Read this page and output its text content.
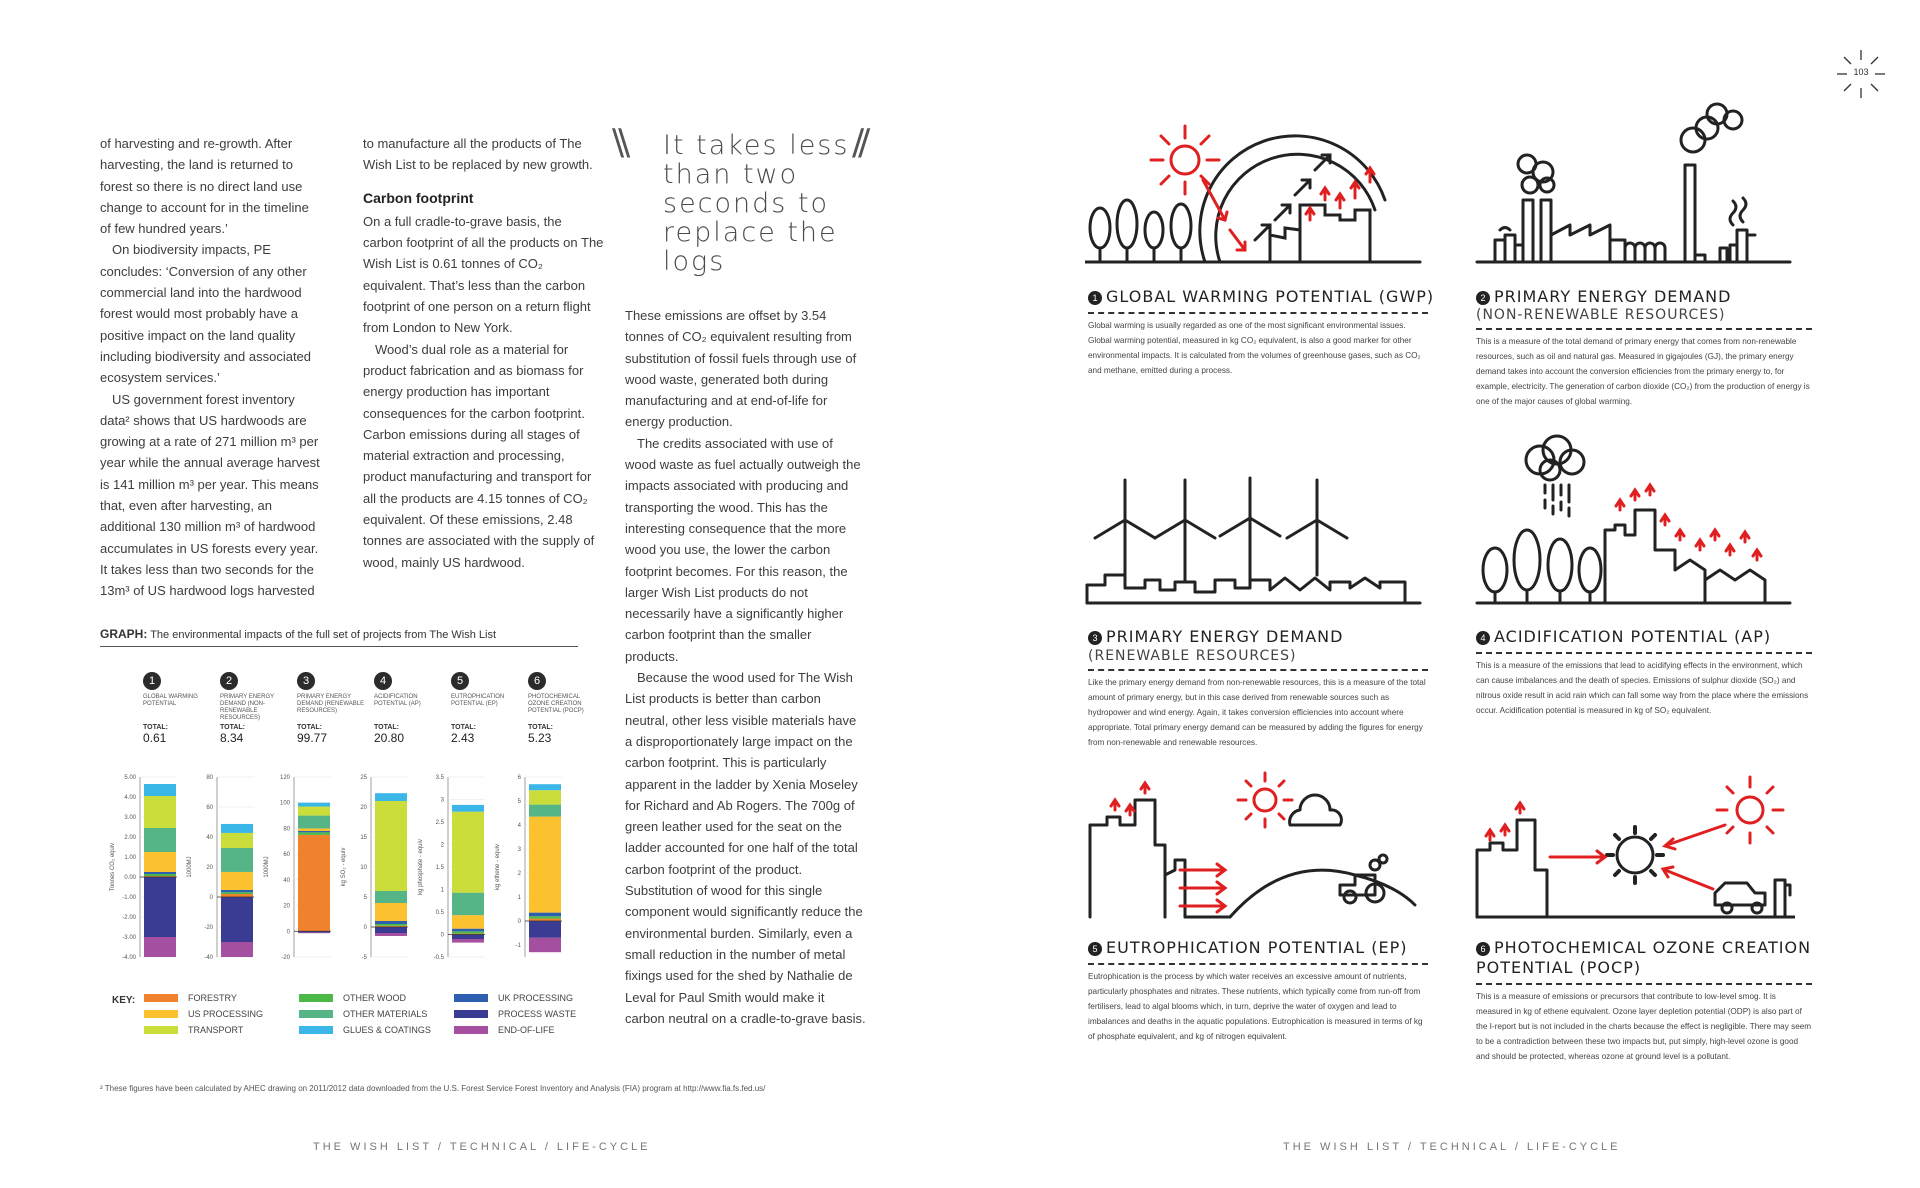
of harvesting and re-growth. After harvesting, the land is returned to forest so there is no direct land use change to account for in the timeline of few hundred years.’

On biodiversity impacts, PE concludes: ‘Conversion of any other commercial land into the hardwood forest would most probably have a positive impact on the land quality including biodiversity and associated ecosystem services.’

US government forest inventory data² shows that US hardwoods are growing at a rate of 271 million m³ per year while the annual average harvest is 141 million m³ per year. This means that, even after harvesting, an additional 130 million m³ of hardwood accumulates in US forests every year. It takes less than two seconds for the 13m³ of US hardwood logs harvested

to manufacture all the products of The Wish List to be replaced by new growth.

Carbon footprint

On a full cradle-to-grave basis, the carbon footprint of all the products on The Wish List is 0.61 tonnes of CO₂ equivalent. That’s less than the carbon footprint of one person on a return flight from London to New York.

Wood’s dual role as a material for product fabrication and as biomass for energy production has important consequences for the carbon footprint. Carbon emissions during all stages of material extraction and processing, product manufacturing and transport for all the products are 4.15 tonnes of CO₂ equivalent. Of these emissions, 2.48 tonnes are associated with the supply of wood, mainly US hardwood.

\\	//
It takes less than two seconds to replace the logs

These emissions are offset by 3.54 tonnes of CO₂ equivalent resulting from substitution of fossil fuels through use of wood waste, generated both during manufacturing and at end-of-life for energy production.

The credits associated with use of wood waste as fuel actually outweigh the impacts associated with producing and transporting the wood. This has the interesting consequence that the more wood you use, the lower the carbon footprint becomes. For this reason, the larger Wish List products do not necessarily have a significantly higher carbon footprint than the smaller products.

Because the wood used for The Wish List products is better than carbon neutral, other less visible materials have a disproportionately large impact on the carbon footprint. This is particularly apparent in the ladder by Xenia Moseley for Richard and Ab Rogers. The 700g of green leather used for the seat on the ladder accounted for one half of the total carbon footprint of the product. Substitution of wood for this single component would significantly reduce the environmental burden. Similarly, even a small reduction in the number of metal fixings used for the shed by Nathalie de Leval for Paul Smith would make it carbon neutral on a cradle-to-grave basis.

GRAPH: The environmental impacts of the full set of projects from The Wish List
1
GLOBAL WARMING POTENTIAL
TOTAL:
0.61
5.00
4.00
3.00
2.00
1.00
0.00
-1.00
-2.00
-3.00
-4.00
Tonnes CO₂ equiv
2
PRIMARY ENERGY DEMAND (NON-RENEWABLE RESOURCES)
TOTAL:
8.34
80
60
40
20
0
-20
-40
1000MJ
3
PRIMARY ENERGY DEMAND (RENEWABLE RESOURCES)
TOTAL:
99.77
120
100
80
60
40
20
0
-20
1000MJ
4
ACIDIFICATION POTENTIAL (AP)
TOTAL:
20.80
25
20
15
10
5
0
-5
kg SO₂ - equiv
5
EUTROPHICATION POTENTIAL (EP)
TOTAL:
2.43
3.5
3
2.5
2
1.5
1
0.5
0
-0.5
kg phosphate - equiv
6
PHOTOCHEMICAL OZONE CREATION POTENTIAL (POCP)
TOTAL:
5.23
6
5
4
3
2
1
0
-1
kg ethene - equiv
KEY:	FORESTRY
US PROCESSING
TRANSPORT
OTHER WOOD
OTHER MATERIALS
GLUES & COATINGS
UK PROCESSING
PROCESS WASTE
END-OF-LIFE
² These figures have been calculated by AHEC drawing on 2011/2012 data downloaded from the U.S. Forest Service Forest Inventory and Analysis (FIA) program at http://www.fia.fs.fed.us/
THE WISH LIST / TECHNICAL / LIFE-CYCLE
103
1 GLOBAL WARMING POTENTIAL (GWP)

Global warming is usually regarded as one of the most significant environmental issues. Global warming potential, measured in kg CO₂ equivalent, is also a good marker for other environmental impacts. It is calculated from the volumes of greenhouse gases, such as CO₂ and methane, emitted during a process.

2 PRIMARY ENERGY DEMAND
(NON-RENEWABLE RESOURCES)

This is a measure of the total demand of primary energy that comes from non-renewable resources, such as oil and natural gas. Measured in gigajoules (GJ), the primary energy demand takes into account the conversion efficiencies from the primary energy to, for example, electricity. The generation of carbon dioxide (CO₂) from the production of energy is one of the major causes of global warming.

3 PRIMARY ENERGY DEMAND
(RENEWABLE RESOURCES)

Like the primary energy demand from non-renewable resources, this is a measure of the total amount of primary energy, but in this case derived from renewable sources such as hydropower and wind energy. Again, it takes conversion efficiencies into account where appropriate. Total primary energy demand can be measured by adding the figures for energy from non-renewable and renewable resources.

4 ACIDIFICATION POTENTIAL (AP)

This is a measure of the emissions that lead to acidifying effects in the environment, which can cause imbalances and the death of species. Emissions of sulphur dioxide (SO₂) and nitrous oxide result in acid rain which can fall some way from the place where the emissions occur. Acidification potential is measured in kg of SO₂ equivalent.

5 EUTROPHICATION POTENTIAL (EP)

Eutrophication is the process by which water receives an excessive amount of nutrients, particularly phosphates and nitrates. These nutrients, which typically come from run-off from fertilisers, lead to algal blooms which, in turn, deprive the water of oxygen and lead to imbalances and deaths in the aquatic populations. Eutrophication is measured in terms of kg of phosphate equivalent, and kg of nitrogen equivalent.

6 PHOTOCHEMICAL OZONE CREATION
POTENTIAL (POCP)

This is a measure of emissions or precursors that contribute to low-level smog. It is measured in kg of ethene equivalent. Ozone layer depletion potential (ODP) is also part of the I-report but is not included in the charts because the effect is negligible. There may seem to be a contradiction between these two impacts but, put simply, high-level ozone is good and should be protected, whereas ozone at ground level is a pollutant.

THE WISH LIST / TECHNICAL / LIFE-CYCLE
